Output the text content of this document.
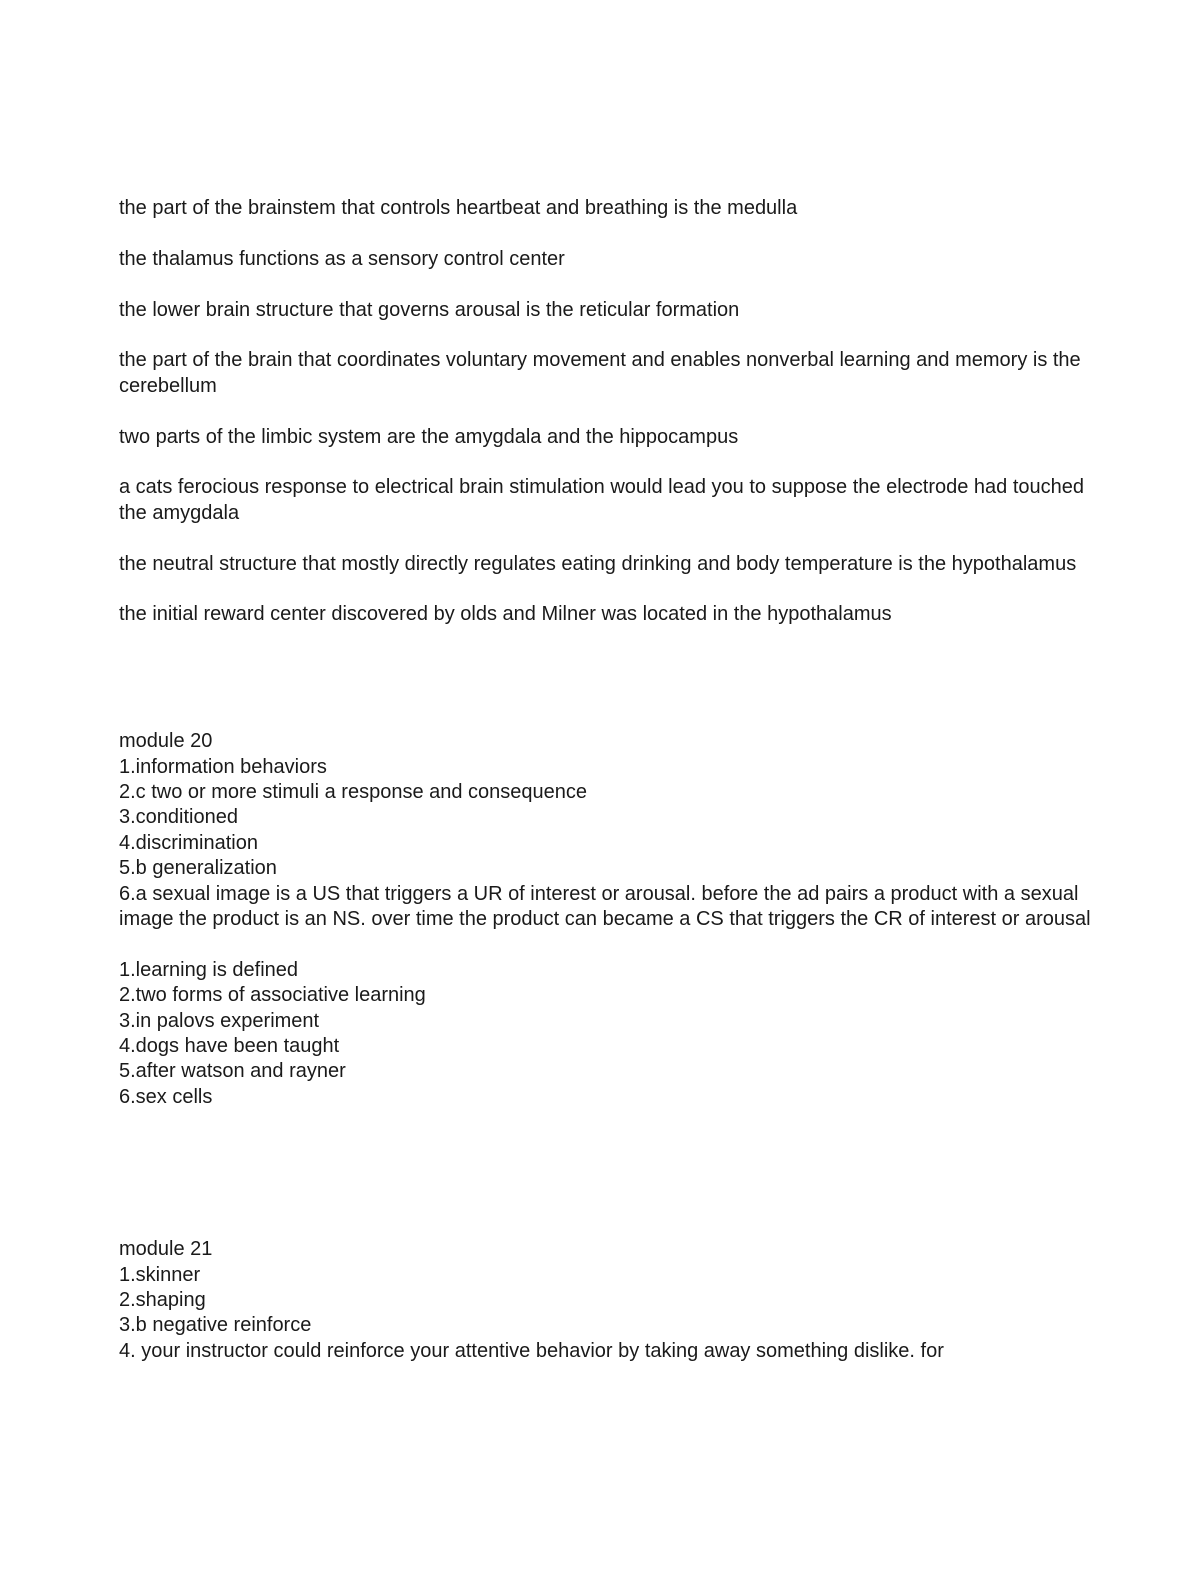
the part of the brainstem that controls heartbeat and breathing is the medulla

the thalamus functions as a sensory control center

the lower brain structure that governs arousal is the reticular formation

the part of the brain that coordinates voluntary movement and enables nonverbal learning and memory is the cerebellum

two parts of the limbic system are the amygdala and the hippocampus

a cats ferocious response to electrical brain stimulation would lead you to suppose the electrode had touched the amygdala

the neutral structure that mostly directly regulates eating drinking and body temperature is the hypothalamus

the initial reward center discovered by olds and Milner was located in the hypothalamus

module 20

1.information behaviors

2.c two or more stimuli a response and consequence

3.conditioned

4.discrimination

5.b generalization

6.a sexual image is a US that triggers a UR of interest or arousal. before the ad pairs a product with a sexual image the product is an NS. over time the product can became a CS that triggers the CR of interest or arousal

1.learning is defined

2.two forms of associative learning

3.in palovs experiment

4.dogs have been taught

5.after watson and rayner

6.sex cells

module 21

1.skinner

2.shaping

3.b negative reinforce

4. your instructor could reinforce your attentive behavior by taking away something dislike. for
